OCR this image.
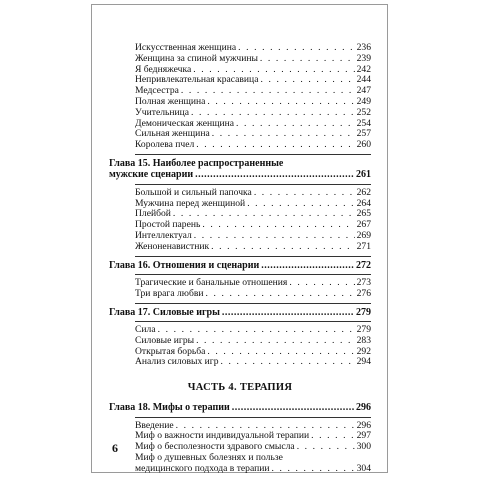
Искусственная женщина . . .	236
Женщина за спиной мужчины . . .	239
Я бедняжечка . . .	242
Непривлекательная красавица . . .	244
Медсестра . . .	247
Полная женщина . . .	249
Учительница . . .	252
Демоническая женщина . . .	254
Сильная женщина . . .	257
Королева пчел . . .	260
Глава 15. Наиболее распространенные
мужские сценарии .....	261
Большой и сильный папочка . . .	262
Мужчина перед женщиной . . .	264
Плейбой . . .	265
Простой парень . . .	267
Интеллектуал . . .	269
Женоненавистник . . .	271
Глава 16. Отношения и сценарии .....	272
Трагические и банальные отношения . . .	273
Три врага любви . . .	276
Глава 17. Силовые игры .....	279
Сила . . .	279
Силовые игры . . .	283
Открытая борьба . . .	292
Анализ силовых игр . . .	294
ЧАСТЬ 4. ТЕРАПИЯ
Глава 18. Мифы о терапии .....	296
Введение . . .	296
Миф о важности индивидуальной терапии . . .	297
Миф о бесполезности здравого смысла . . .	300
Миф о душевных болезнях и пользе
медицинского подхода в терапии . . .	304
6
